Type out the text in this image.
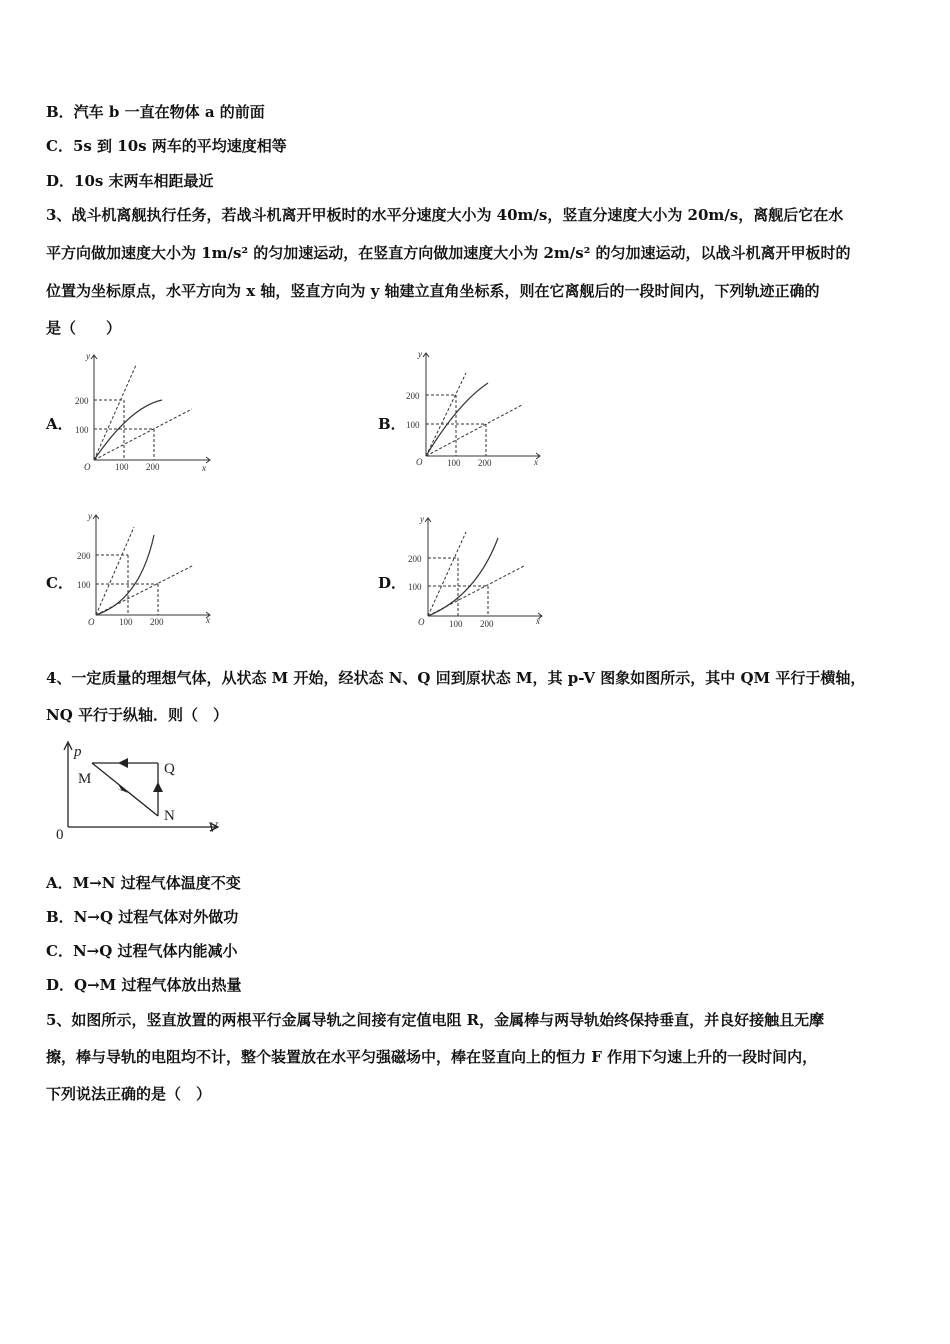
B．汽车 b 一直在物体 a 的前面
C．5s 到 10s 两车的平均速度相等
D．10s 末两车相距最近
3、战斗机离舰执行任务，若战斗机离开甲板时的水平分速度大小为 40m/s，竖直分速度大小为 20m/s，离舰后它在水
平方向做加速度大小为 1m/s² 的匀加速运动，在竖直方向做加速度大小为 2m/s² 的匀加速运动，以战斗机离开甲板时的
位置为坐标原点，水平方向为 x 轴，竖直方向为 y 轴建立直角坐标系，则在它离舰后的一段时间内，下列轨迹正确的
是（　　）
A．	B．
C．	D．
y
x
O
200
100
100 200
y
x
O
200
100
100 200
y
x
O
200
100
100 200
y
x
O
200
100
100 200
4、一定质量的理想气体，从状态 M 开始，经状态 N、Q 回到原状态 M，其 p-V 图象如图所示，其中 QM 平行于横轴，
NQ 平行于纵轴．则（　）
p
V
0
M
Q
N
A．M→N 过程气体温度不变
B．N→Q 过程气体对外做功
C．N→Q 过程气体内能减小
D．Q→M 过程气体放出热量
5、如图所示，竖直放置的两根平行金属导轨之间接有定值电阻 R，金属棒与两导轨始终保持垂直，并良好接触且无摩
擦，棒与导轨的电阻均不计，整个装置放在水平匀强磁场中，棒在竖直向上的恒力 F 作用下匀速上升的一段时间内，
下列说法正确的是（　）
